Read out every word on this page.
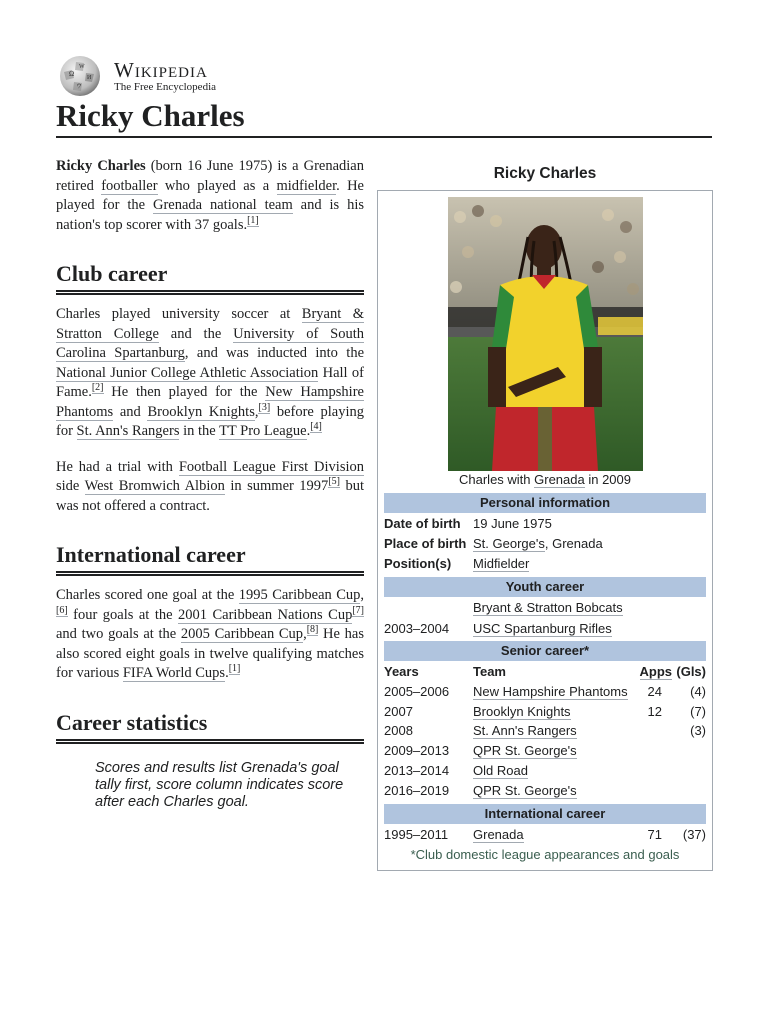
Ω
W
И
ウ
Wikipedia
The Free Encyclopedia
Ricky Charles

Ricky Charles (born 16 June 1975) is a Grenadian retired footballer who played as a midfielder. He played for the Grenada national team and is his nation's top scorer with 37 goals.[1]

Club career

Charles played university soccer at Bryant & Stratton College and the University of South Carolina Spartanburg, and was inducted into the National Junior College Athletic Association Hall of Fame.[2] He then played for the New Hampshire Phantoms and Brooklyn Knights,[3] before playing for St. Ann's Rangers in the TT Pro League.[4]

He had a trial with Football League First Division side West Bromwich Albion in summer 1997[5] but was not offered a contract.

International career

Charles scored one goal at the 1995 Caribbean Cup,[6] four goals at the 2001 Caribbean Nations Cup[7] and two goals at the 2005 Caribbean Cup,[8] He has also scored eight goals in twelve qualifying matches for various FIFA World Cups.[1]

Career statistics
Scores and results list Grenada's goal tally first, score column indicates score after each Charles goal.
Ricky Charles
Charles with Grenada in 2009
Personal information
Date of birth 19 June 1975
Place of birth St. George's, Grenada
Position(s) Midfielder
Youth career
Bryant & Stratton Bobcats
2003–2004 USC Spartanburg Rifles
Senior career*
Years	Team	Apps (Gls)
2005–2006 New Hampshire Phantoms 24 (4)
2007	Brooklyn Knights	12 (7)
2008	St. Ann's Rangers	(3)
2009–2013 QPR St. George's
2013–2014 Old Road
2016–2019 QPR St. George's
International career
1995–2011 Grenada	71 (37)
*Club domestic league appearances and goals
